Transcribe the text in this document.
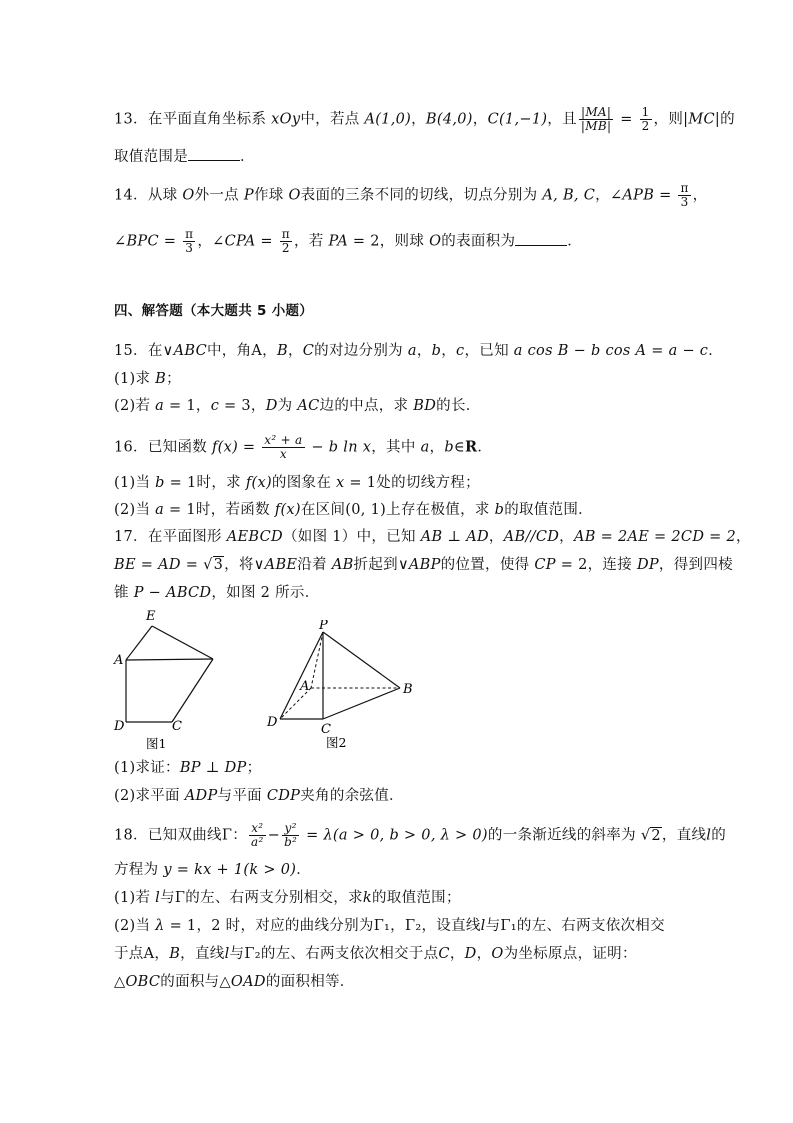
13．在平面直角坐标系 xOy中，若点 A(1,0)，B(4,0)，C(1,−1)，且 $\frac{|MA|}{|MB|} = \frac{1}{2}$ ，则|MC|的
取值范围是	．
14．从球 O外一点 P作球 O表面的三条不同的切线，切点分别为 A, B, C，∠APB = $\frac{\pi}{3}$ ，
∠BPC = $\frac{\pi}{3}$ ，∠CPA = $\frac{\pi}{2}$ ，若 PA = 2，则球 O的表面积为	．
四、解答题（本大题共 5 小题）
15．在∨ABC中，角A，B，C的对边分别为 a，b，c，已知 a cos B − b cos A = a − c．
(1)求 B；
(2)若 a = 1，c = 3，D为 AC边的中点，求 BD的长．
16．已知函数 $f(x) = \frac{\text{x² + a}}{x} - b$ ln x，其中 a，b∈R．
(1)当 b = 1时，求 f(x)的图象在 x = 1处的切线方程；
(2)当 a = 1时，若函数 f(x)在区间(0, 1)上存在极值，求 b的取值范围．
17．在平面图形 AEBCD（如图 1）中，已知 AB ⊥ AD，AB//CD，AB = 2AE = 2CD = 2，
BE = AD = √3，将∨ABE沿着 AB折起到∨ABP的位置，使得 CP = 2，连接 DP，得到四棱
锥 P − ABCD，如图 2 所示．
E
A
D	C
图1
P
A	B
D	C
图2
(1)求证：BP ⊥ DP；
(2)求平面 ADP与平面 CDP夹角的余弦值．
18．已知双曲线Γ： $\frac{\text{x²}}{\text{a²}} - \frac{\text{y²}}{\text{b²}} = \lambda(a > 0$, b > 0, λ > 0)的一条渐近线的斜率为 √2，直线l的
方程为 y = kx + 1(k > 0)．
(1)若 l与Γ的左、右两支分别相交，求k的取值范围；
(2)当 λ = 1，2 时，对应的曲线分别为Γ₁，Γ₂，设直线l与Γ₁的左、右两支依次相交
于点A，B，直线l与Γ₂的左、右两支依次相交于点C，D，O为坐标原点，证明：
△OBC的面积与△OAD的面积相等．
